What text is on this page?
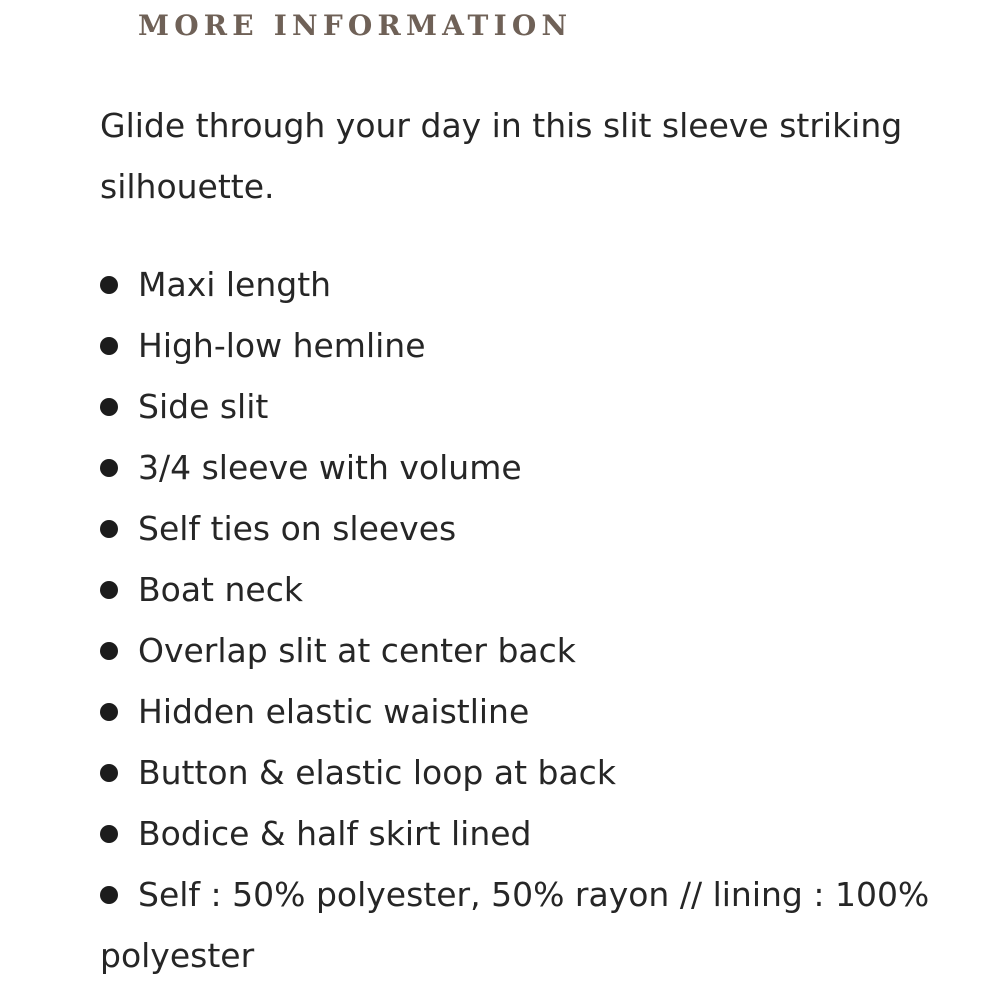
MORE INFORMATION

Glide through your day in this slit sleeve striking silhouette.

Maxi length
High-low hemline
Side slit
3/4 sleeve with volume
Self ties on sleeves
Boat neck
Overlap slit at center back
Hidden elastic waistline
Button & elastic loop at back
Bodice & half skirt lined
Self : 50% polyester, 50% rayon // lining : 100% polyester
